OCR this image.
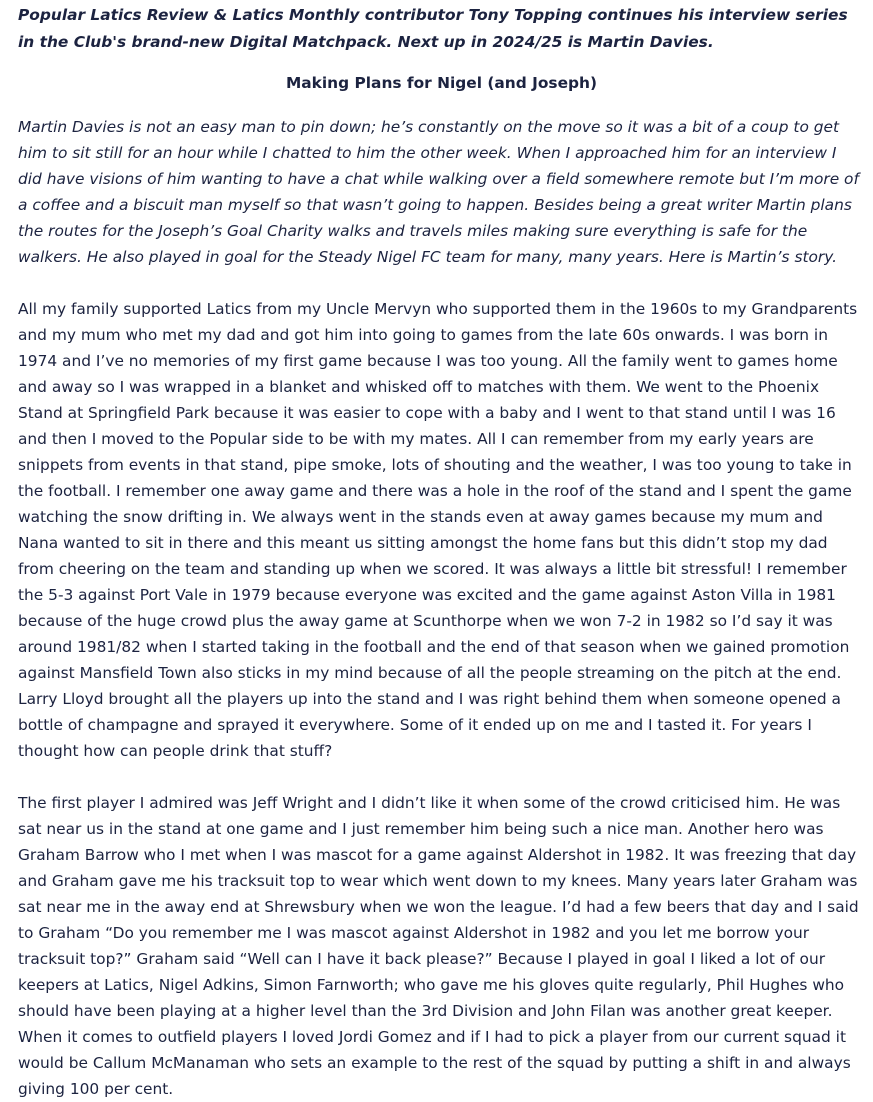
Popular Latics Review & Latics Monthly contributor Tony Topping continues his interview series in the Club's brand-new Digital Matchpack. Next up in 2024/25 is Martin Davies.

Making Plans for Nigel (and Joseph)

Martin Davies is not an easy man to pin down; he’s constantly on the move so it was a bit of a coup to get him to sit still for an hour while I chatted to him the other week. When I approached him for an interview I did have visions of him wanting to have a chat while walking over a field somewhere remote but I’m more of a coffee and a biscuit man myself so that wasn’t going to happen. Besides being a great writer Martin plans the routes for the Joseph’s Goal Charity walks and travels miles making sure everything is safe for the walkers. He also played in goal for the Steady Nigel FC team for many, many years. Here is Martin’s story.

All my family supported Latics from my Uncle Mervyn who supported them in the 1960s to my Grandparents and my mum who met my dad and got him into going to games from the late 60s onwards. I was born in 1974 and I’ve no memories of my first game because I was too young. All the family went to games home and away so I was wrapped in a blanket and whisked off to matches with them. We went to the Phoenix Stand at Springfield Park because it was easier to cope with a baby and I went to that stand until I was 16 and then I moved to the Popular side to be with my mates. All I can remember from my early years are snippets from events in that stand, pipe smoke, lots of shouting and the weather, I was too young to take in the football. I remember one away game and there was a hole in the roof of the stand and I spent the game watching the snow drifting in. We always went in the stands even at away games because my mum and Nana wanted to sit in there and this meant us sitting amongst the home fans but this didn’t stop my dad from cheering on the team and standing up when we scored. It was always a little bit stressful! I remember the 5-3 against Port Vale in 1979 because everyone was excited and the game against Aston Villa in 1981 because of the huge crowd plus the away game at Scunthorpe when we won 7-2 in 1982 so I’d say it was around 1981/82 when I started taking in the football and the end of that season when we gained promotion against Mansfield Town also sticks in my mind because of all the people streaming on the pitch at the end. Larry Lloyd brought all the players up into the stand and I was right behind them when someone opened a bottle of champagne and sprayed it everywhere. Some of it ended up on me and I tasted it. For years I thought how can people drink that stuff?

The first player I admired was Jeff Wright and I didn’t like it when some of the crowd criticised him. He was sat near us in the stand at one game and I just remember him being such a nice man. Another hero was Graham Barrow who I met when I was mascot for a game against Aldershot in 1982. It was freezing that day and Graham gave me his tracksuit top to wear which went down to my knees. Many years later Graham was sat near me in the away end at Shrewsbury when we won the league. I’d had a few beers that day and I said to Graham “Do you remember me I was mascot against Aldershot in 1982 and you let me borrow your tracksuit top?” Graham said “Well can I have it back please?” Because I played in goal I liked a lot of our keepers at Latics, Nigel Adkins, Simon Farnworth; who gave me his gloves quite regularly, Phil Hughes who should have been playing at a higher level than the 3rd Division and John Filan was another great keeper. When it comes to outfield players I loved Jordi Gomez and if I had to pick a player from our current squad it would be Callum McManaman who sets an example to the rest of the squad by putting a shift in and always giving 100 per cent.
